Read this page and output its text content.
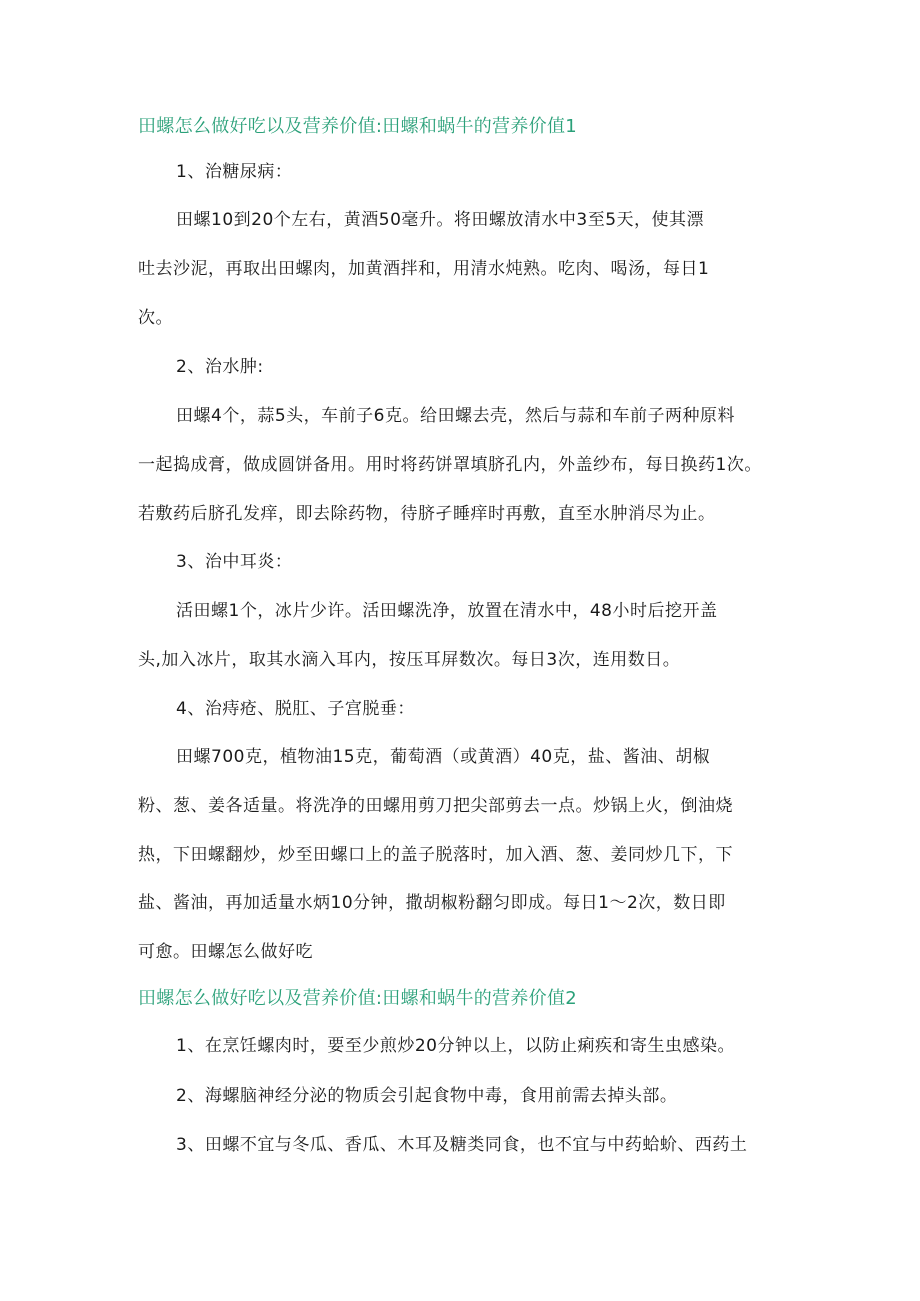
田螺怎么做好吃以及营养价值:田螺和蜗牛的营养价值1
1、治糖尿病：
田螺10到20个左右，黄酒50毫升。将田螺放清水中3至5天，使其漂
吐去沙泥，再取出田螺肉，加黄酒拌和，用清水炖熟。吃肉、喝汤，每日1
次。
2、治水肿:
田螺4个，蒜5头，车前子6克。给田螺去壳，然后与蒜和车前子两种原料
一起捣成膏，做成圆饼备用。用时将药饼罩填脐孔内，外盖纱布，每日换药1次。
若敷药后脐孔发痒，即去除药物，待脐孑睡痒时再敷，直至水肿消尽为止。
3、治中耳炎：
活田螺1个，冰片少许。活田螺洗净，放置在清水中，48小时后挖开盖
头,加入冰片，取其水滴入耳内，按压耳屏数次。每日3次，连用数日。
4、治痔疮、脱肛、子宫脱垂：
田螺700克，植物油15克，葡萄酒（或黄酒）40克，盐、酱油、胡椒
粉、葱、姜各适量。将洗净的田螺用剪刀把尖部剪去一点。炒锅上火，倒油烧
热，下田螺翻炒，炒至田螺口上的盖子脱落时，加入酒、葱、姜同炒几下，下
盐、酱油，再加适量水炳10分钟，撒胡椒粉翻匀即成。每日1～2次，数日即
可愈。田螺怎么做好吃
田螺怎么做好吃以及营养价值:田螺和蜗牛的营养价值2
1、在烹饪螺肉时，要至少煎炒20分钟以上，以防止痢疾和寄生虫感染。
2、海螺脑神经分泌的物质会引起食物中毒，食用前需去掉头部。
3、田螺不宜与冬瓜、香瓜、木耳及糖类同食，也不宜与中药蛤蚧、西药土
